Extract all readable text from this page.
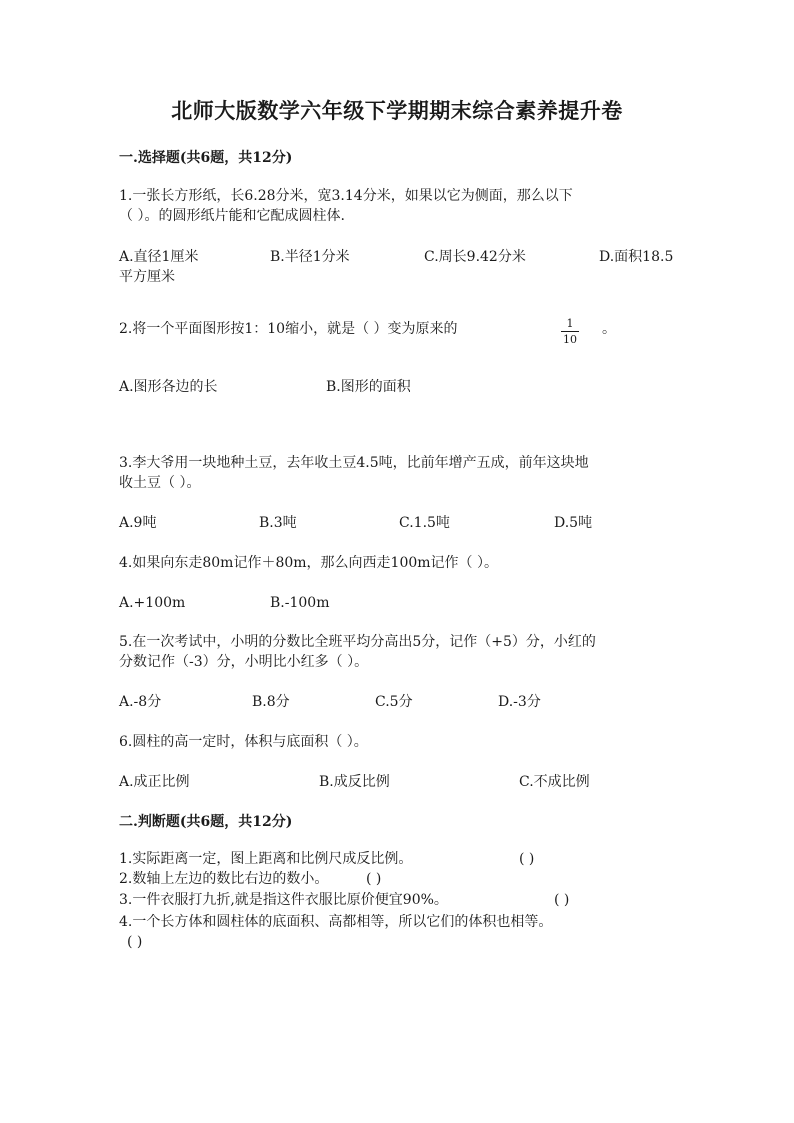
北师大版数学六年级下学期期末综合素养提升卷
一.选择题(共6题，共12分)
1.一张长方形纸，长6.28分米，宽3.14分米，如果以它为侧面，那么以下
（ ）。的圆形纸片能和它配成圆柱体.
A.直径1厘米	B.半径1分米	C.周长9.42分米	D.面积18.5
平方厘米
2.将一个平面图形按1：10缩小，就是（ ）变为原来的	1
10
。
A.图形各边的长	B.图形的面积
3.李大爷用一块地种土豆，去年收土豆4.5吨，比前年增产五成，前年这块地
收土豆（ ）。
A.9吨	B.3吨	C.1.5吨	D.5吨
4.如果向东走80m记作＋80m，那么向西走100m记作（ ）。
A.+100m	B.-100m
5.在一次考试中，小明的分数比全班平均分高出5分，记作（+5）分，小红的
分数记作（-3）分，小明比小红多（ ）。
A.-8分	B.8分	C.5分	D.-3分
6.圆柱的高一定时，体积与底面积（ ）。
A.成正比例	B.成反比例	C.不成比例
二.判断题(共6题，共12分)
1.实际距离一定，图上距离和比例尺成反比例。	( )
2.数轴上左边的数比右边的数小。	( )
3.一件衣服打九折,就是指这件衣服比原价便宜90%。	( )
4.一个长方体和圆柱体的底面积、高都相等，所以它们的体积也相等。
( )
